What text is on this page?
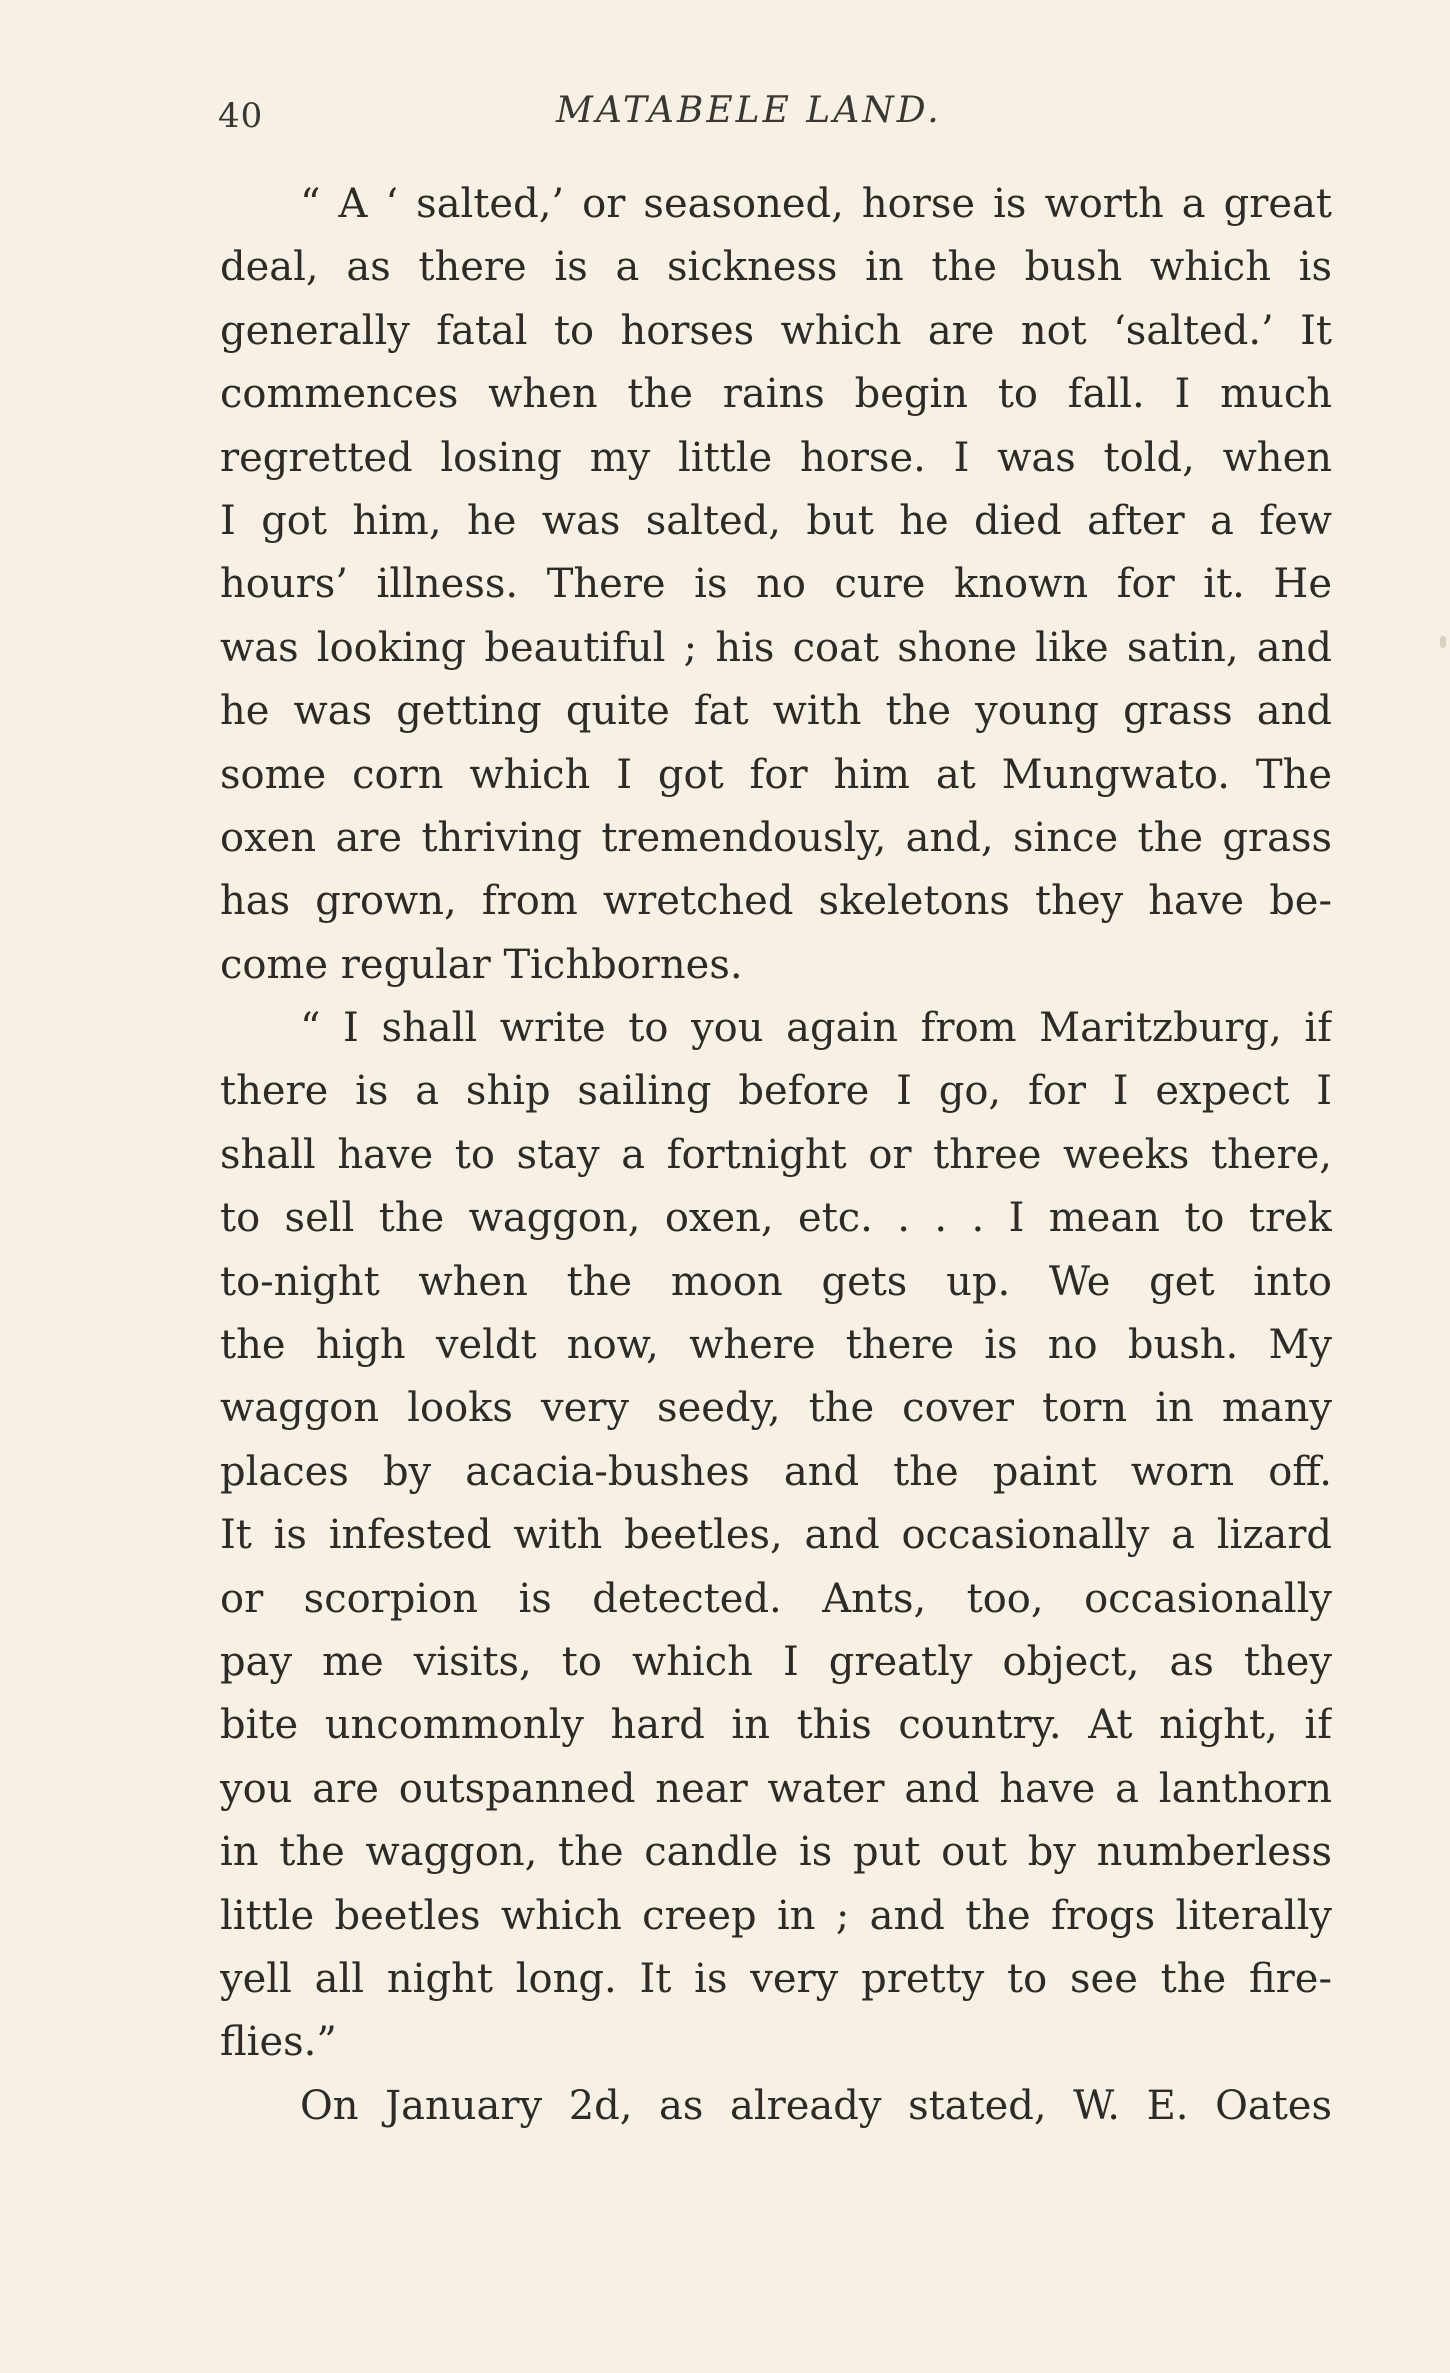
40	MATABELE LAND.
“ A ‘ salted,’ or seasoned, horse is worth a great
deal, as there is a sickness in the bush which is
generally fatal to horses which are not ‘salted.’ It
commences when the rains begin to fall. I much
regretted losing my little horse. I was told, when
I got him, he was salted, but he died after a few
hours’ illness. There is no cure known for it. He
was looking beautiful ; his coat shone like satin, and
he was getting quite fat with the young grass and
some corn which I got for him at Mungwato. The
oxen are thriving tremendously, and, since the grass
has grown, from wretched skeletons they have be-
come regular Tichbornes.
“ I shall write to you again from Maritzburg, if
there is a ship sailing before I go, for I expect I
shall have to stay a fortnight or three weeks there,
to sell the waggon, oxen, etc. . . . I mean to trek
to-night when the moon gets up. We get into
the high veldt now, where there is no bush. My
waggon looks very seedy, the cover torn in many
places by acacia-bushes and the paint worn off.
It is infested with beetles, and occasionally a lizard
or scorpion is detected. Ants, too, occasionally
pay me visits, to which I greatly object, as they
bite uncommonly hard in this country. At night, if
you are outspanned near water and have a lanthorn
in the waggon, the candle is put out by numberless
little beetles which creep in ; and the frogs literally
yell all night long. It is very pretty to see the fire-
flies.”
On January 2d, as already stated, W. E. Oates
